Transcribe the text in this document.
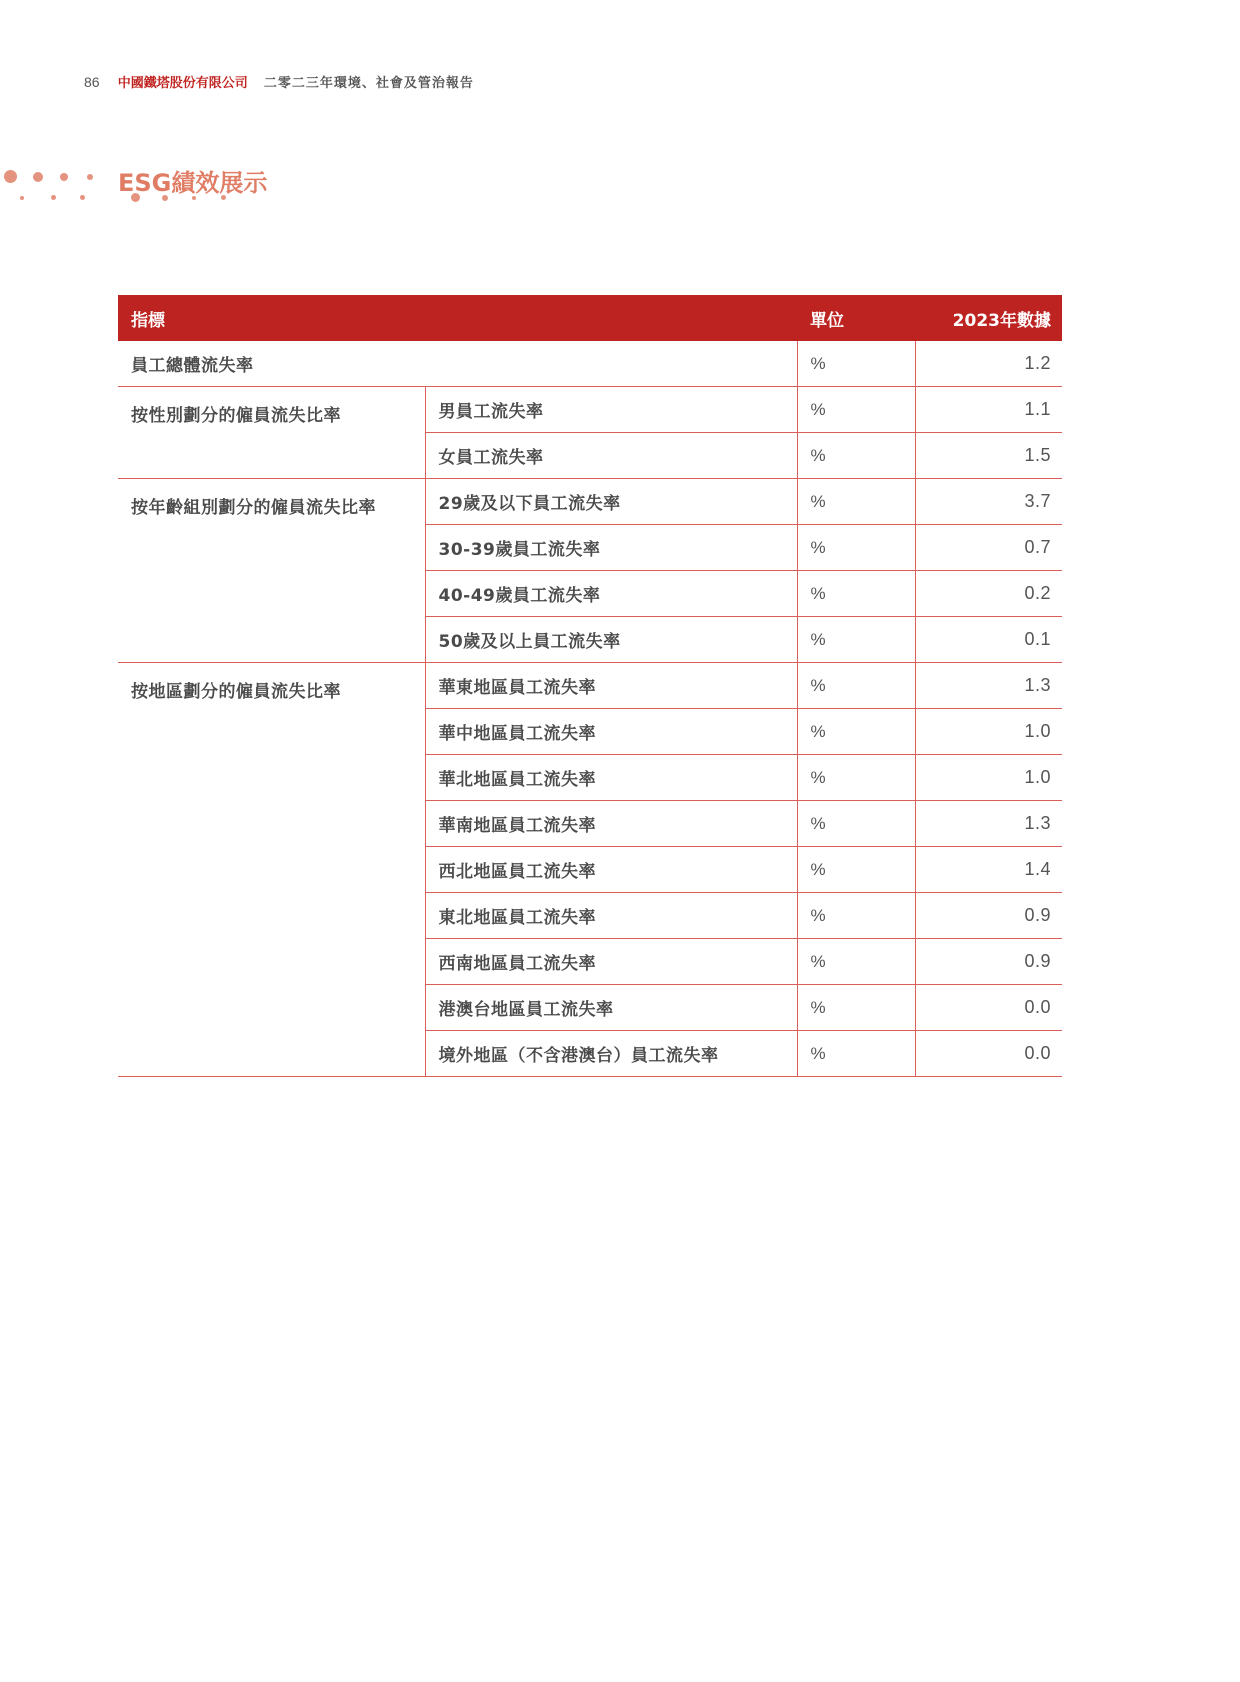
86 中國鐵塔股份有限公司 二零二三年環境、社會及管治報告
ESG績效展示
指標		單位	2023年數據
員工總體流失率		%	1.2
按性別劃分的僱員流失比率	男員工流失率	%	1.1
	女員工流失率	%	1.5
按年齡組別劃分的僱員流失比率	29歲及以下員工流失率	%	3.7
	30-39歲員工流失率	%	0.7
	40-49歲員工流失率	%	0.2
	50歲及以上員工流失率	%	0.1
按地區劃分的僱員流失比率	華東地區員工流失率	%	1.3
	華中地區員工流失率	%	1.0
	華北地區員工流失率	%	1.0
	華南地區員工流失率	%	1.3
	西北地區員工流失率	%	1.4
	東北地區員工流失率	%	0.9
	西南地區員工流失率	%	0.9
	港澳台地區員工流失率	%	0.0
	境外地區（不含港澳台）員工流失率	%	0.0
